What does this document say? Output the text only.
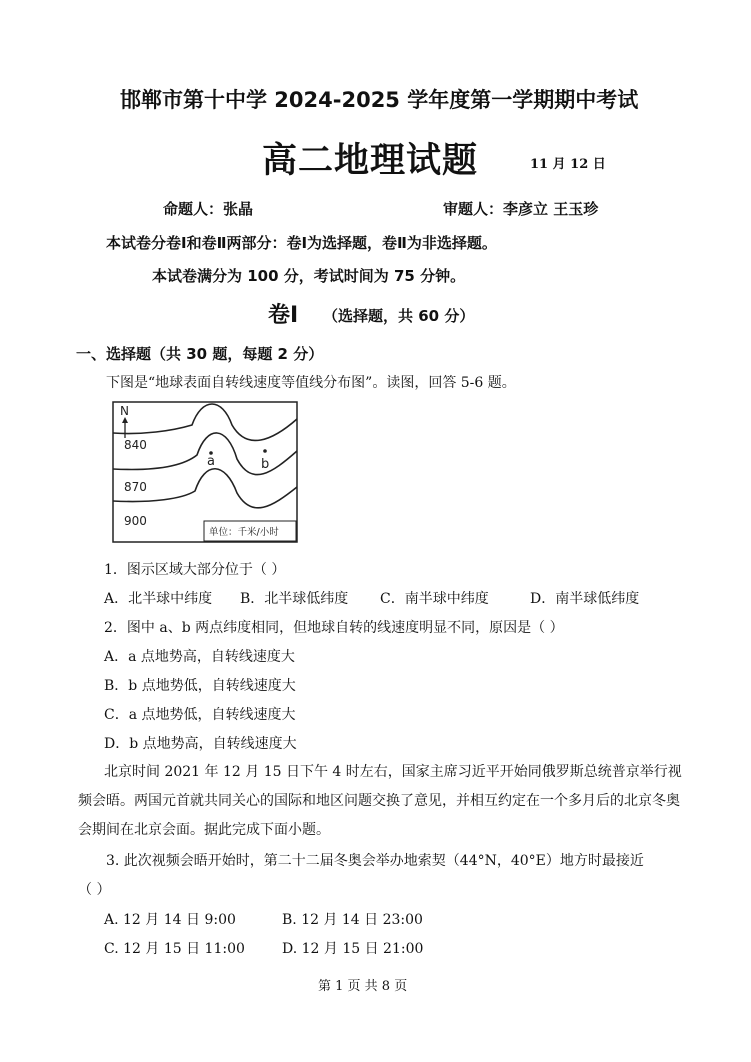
邯郸市第十中学 2024-2025 学年度第一学期期中考试
高二地理试题	11 月 12 日
命题人：张晶	审题人：李彦立 王玉珍
本试卷分卷Ⅰ和卷Ⅱ两部分：卷Ⅰ为选择题，卷Ⅱ为非选择题。
本试卷满分为 100 分，考试时间为 75 分钟。
卷Ⅰ （选择题，共 60 分）
一、选择题（共 30 题，每题 2 分）
下图是“地球表面自转线速度等值线分布图”。读图，回答 5-6 题。
N
840
870
900
a	b
单位：千米/小时
1．图示区域大部分位于（ ）
A．北半球中纬度 B．北半球低纬度 C．南半球中纬度	D．南半球低纬度
2．图中 a、b 两点纬度相同，但地球自转的线速度明显不同，原因是（ ）
A．a 点地势高，自转线速度大
B．b 点地势低，自转线速度大
C．a 点地势低，自转线速度大
D．b 点地势高，自转线速度大
北京时间 2021 年 12 月 15 日下午 4 时左右，国家主席习近平开始同俄罗斯总统普京举行视频会晤。两国元首就共同关心的国际和地区问题交换了意见，并相互约定在一个多月后的北京冬奥会期间在北京会面。据此完成下面小题。
3. 此次视频会晤开始时，第二十二届冬奥会举办地索契（44°N，40°E）地方时最接近
（ ）
A. 12 月 14 日 9:00	B. 12 月 14 日 23:00
C. 12 月 15 日 11:00	D. 12 月 15 日 21:00
第 1 页 共 8 页
